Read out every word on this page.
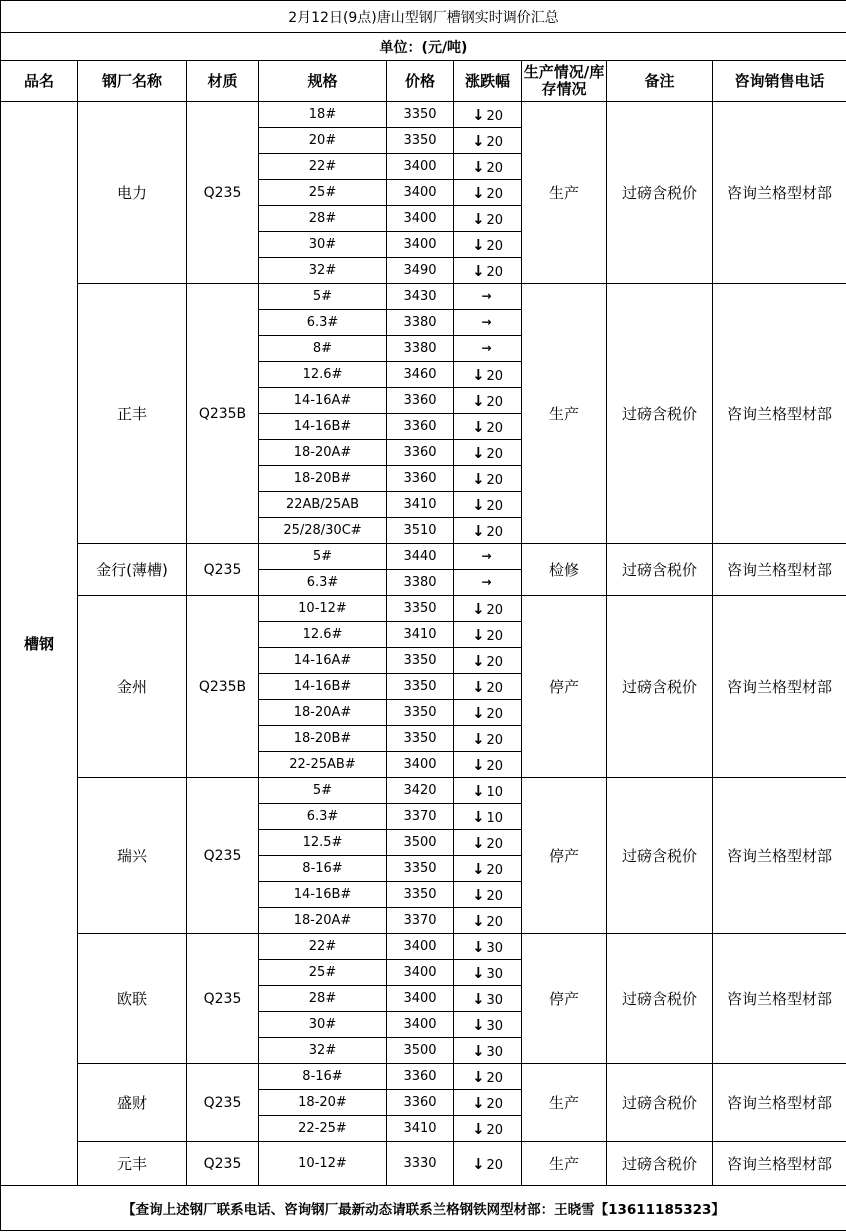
2月12日(9点)唐山型钢厂槽钢实时调价汇总								
单位：(元/吨)								
品名	钢厂名称	材质	规格	价格	涨跌幅	生产情况/库存情况	备注	咨询销售电话
槽钢	电力	Q235	18#	3350	↓ 20	生产	过磅含税价	咨询兰格型材部
			20#	3350	↓ 20			
			22#	3400	↓ 20			
			25#	3400	↓ 20			
			28#	3400	↓ 20			
			30#	3400	↓ 20			
			32#	3490	↓ 20			
	正丰	Q235B	5#	3430	→	生产	过磅含税价	咨询兰格型材部
			6.3#	3380	→			
			8#	3380	→			
			12.6#	3460	↓ 20			
			14-16A#	3360	↓ 20			
			14-16B#	3360	↓ 20			
			18-20A#	3360	↓ 20			
			18-20B#	3360	↓ 20			
			22AB/25AB	3410	↓ 20			
			25/28/30C#	3510	↓ 20			
	金行(薄槽)	Q235	5#	3440	→	检修	过磅含税价	咨询兰格型材部
			6.3#	3380	→			
	金州	Q235B	10-12#	3350	↓ 20	停产	过磅含税价	咨询兰格型材部
			12.6#	3410	↓ 20			
			14-16A#	3350	↓ 20			
			14-16B#	3350	↓ 20			
			18-20A#	3350	↓ 20			
			18-20B#	3350	↓ 20			
			22-25AB#	3400	↓ 20			
	瑞兴	Q235	5#	3420	↓ 10	停产	过磅含税价	咨询兰格型材部
			6.3#	3370	↓ 10			
			12.5#	3500	↓ 20			
			8-16#	3350	↓ 20			
			14-16B#	3350	↓ 20			
			18-20A#	3370	↓ 20			
	欧联	Q235	22#	3400	↓ 30	停产	过磅含税价	咨询兰格型材部
			25#	3400	↓ 30			
			28#	3400	↓ 30			
			30#	3400	↓ 30			
			32#	3500	↓ 30			
	盛财	Q235	8-16#	3360	↓ 20	生产	过磅含税价	咨询兰格型材部
			18-20#	3360	↓ 20			
			22-25#	3410	↓ 20			
	元丰	Q235	10-12#	3330	↓ 20	生产	过磅含税价	咨询兰格型材部
【查询上述钢厂联系电话、咨询钢厂最新动态请联系兰格钢铁网型材部：王晓雪【13611185323】								
